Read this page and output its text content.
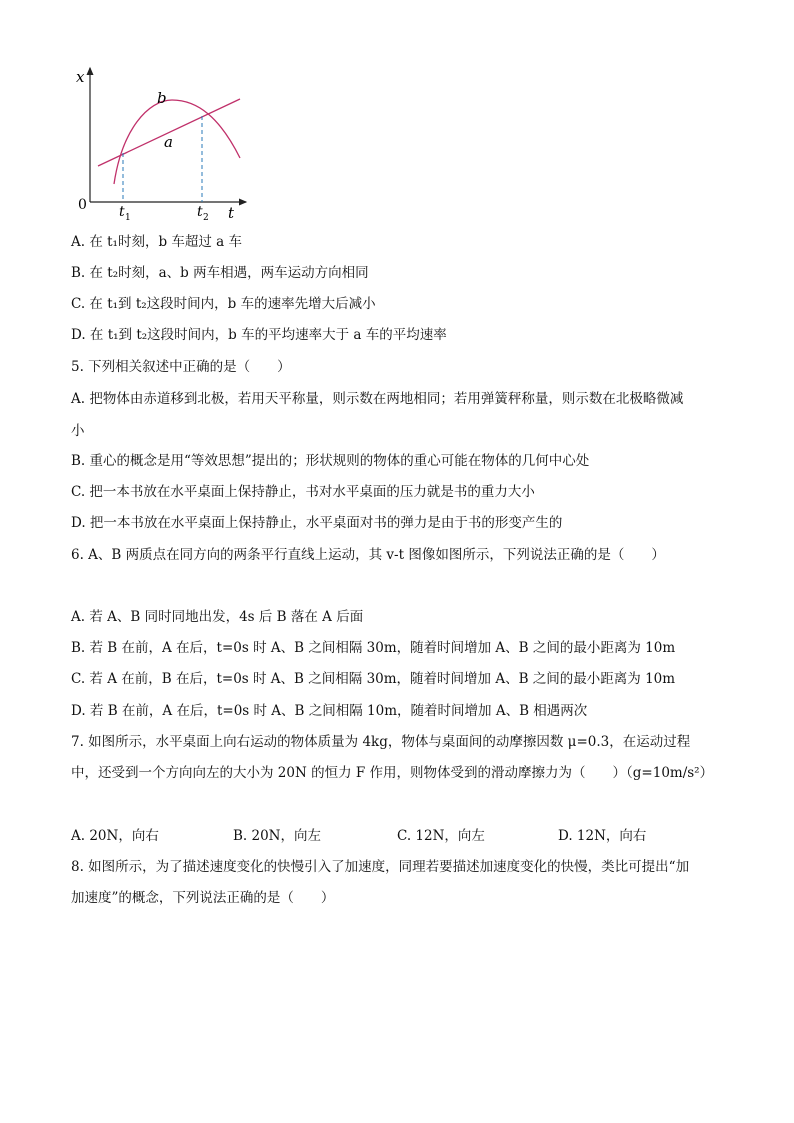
x
0	t
b
a
t 1	t 2
A. 在 t₁时刻，b 车超过 a 车
B. 在 t₂时刻，a、b 两车相遇，两车运动方向相同
C. 在 t₁到 t₂这段时间内，b 车的速率先增大后减小
D. 在 t₁到 t₂这段时间内，b 车的平均速率大于 a 车的平均速率
5. 下列相关叙述中正确的是（　　）
A. 把物体由赤道移到北极，若用天平称量，则示数在两地相同；若用弹簧秤称量，则示数在北极略微减
小
B. 重心的概念是用“等效思想”提出的；形状规则的物体的重心可能在物体的几何中心处
C. 把一本书放在水平桌面上保持静止，书对水平桌面的压力就是书的重力大小
D. 把一本书放在水平桌面上保持静止，水平桌面对书的弹力是由于书的形变产生的
6. A、B 两质点在同方向的两条平行直线上运动，其 v-t 图像如图所示，下列说法正确的是（　　）
A. 若 A、B 同时同地出发，4s 后 B 落在 A 后面
B. 若 B 在前，A 在后，t=0s 时 A、B 之间相隔 30m，随着时间增加 A、B 之间的最小距离为 10m
C. 若 A 在前，B 在后，t=0s 时 A、B 之间相隔 30m，随着时间增加 A、B 之间的最小距离为 10m
D. 若 B 在前，A 在后，t=0s 时 A、B 之间相隔 10m，随着时间增加 A、B 相遇两次
7. 如图所示，水平桌面上向右运动的物体质量为 4kg，物体与桌面间的动摩擦因数 μ=0.3，在运动过程
中，还受到一个方向向左的大小为 20N 的恒力 F 作用，则物体受到的滑动摩擦力为（　　）（g=10m/s²）
A. 20N，向右	B. 20N，向左	C. 12N，向左	D. 12N，向右
8. 如图所示，为了描述速度变化的快慢引入了加速度，同理若要描述加速度变化的快慢，类比可提出“加
加速度”的概念，下列说法正确的是（　　）
